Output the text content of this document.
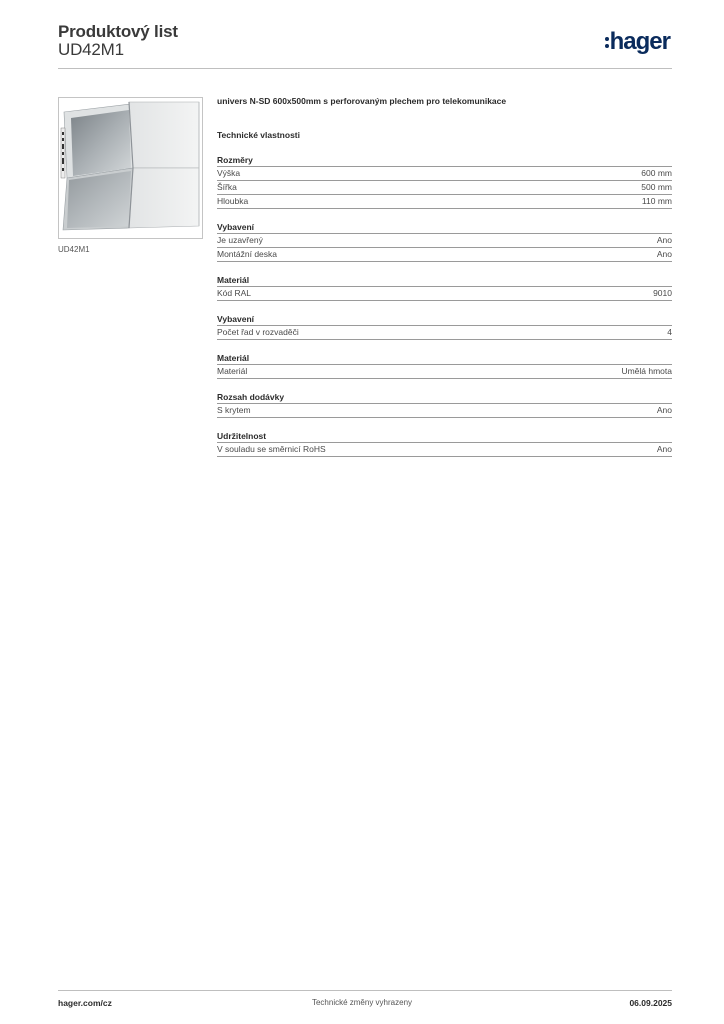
Produktový list
UD42M1	hager
UD42M1
univers N-SD 600x500mm s perforovaným plechem pro telekomunikace
Technické vlastnosti
Rozměry
Výška	600 mm
Šířka	500 mm
Hloubka	110 mm
Vybavení
Je uzavřený	Ano
Montážní deska	Ano
Materiál
Kód RAL	9010
Vybavení
Počet řad v rozvaděči	4
Materiál
Materiál	Umělá hmota
Rozsah dodávky
S krytem	Ano
Udržitelnost
V souladu se směrnicí RoHS	Ano
hager.com/cz	Technické změny vyhrazeny	06.09.2025
